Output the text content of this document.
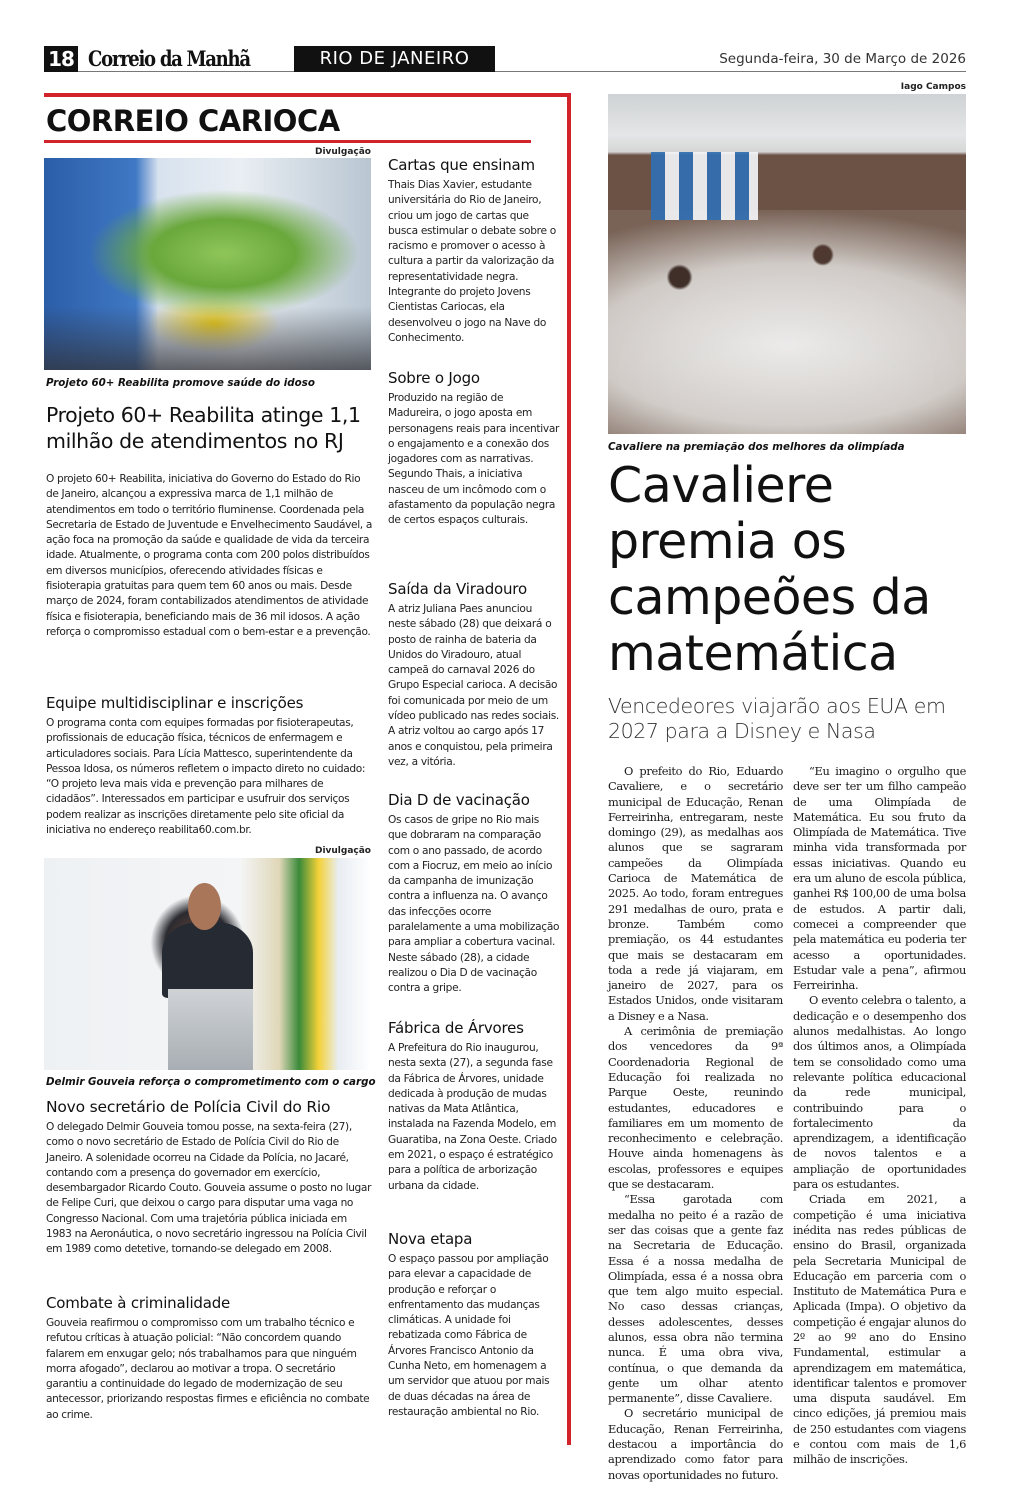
18 Correio da Manhã	RIO DE JANEIRO	Segunda-feira, 30 de Março de 2026
CORREIO CARIOCA
Divulgação
Projeto 60+ Reabilita promove saúde do idoso
Projeto 60+ Reabilita atinge 1,1 milhão de atendimentos no RJ

O projeto 60+ Reabilita, iniciativa do Governo do Estado do Rio de Janeiro, alcançou a expressiva marca de 1,1 milhão de atendimentos em todo o território fluminense. Coordenada pela Secretaria de Estado de Juventude e Envelhecimento Saudável, a ação foca na promoção da saúde e qualidade de vida da terceira idade. Atualmente, o programa conta com 200 polos distribuídos em diversos municípios, oferecendo atividades físicas e fisioterapia gratuitas para quem tem 60 anos ou mais. Desde março de 2024, foram contabilizados atendimentos de atividade física e fisioterapia, beneficiando mais de 36 mil idosos. A ação reforça o compromisso estadual com o bem-estar e a prevenção.

Equipe multidisciplinar e inscrições

O programa conta com equipes formadas por fisioterapeutas, profissionais de educação física, técnicos de enfermagem e articuladores sociais. Para Lícia Mattesco, superintendente da Pessoa Idosa, os números refletem o impacto direto no cuidado: “O projeto leva mais vida e prevenção para milhares de cidadãos”. Interessados em participar e usufruir dos serviços podem realizar as inscrições diretamente pelo site oficial da iniciativa no endereço reabilita60.com.br.

Divulgação
Delmir Gouveia reforça o comprometimento com o cargo
Novo secretário de Polícia Civil do Rio

O delegado Delmir Gouveia tomou posse, na sexta-feira (27), como o novo secretário de Estado de Polícia Civil do Rio de Janeiro. A solenidade ocorreu na Cidade da Polícia, no Jacaré, contando com a presença do governador em exercício, desembargador Ricardo Couto. Gouveia assume o posto no lugar de Felipe Curi, que deixou o cargo para disputar uma vaga no Congresso Nacional. Com uma trajetória pública iniciada em 1983 na Aeronáutica, o novo secretário ingressou na Polícia Civil em 1989 como detetive, tornando-se delegado em 2008.

Combate à criminalidade

Gouveia reafirmou o compromisso com um trabalho técnico e refutou críticas à atuação policial: “Não concordem quando falarem em enxugar gelo; nós trabalhamos para que ninguém morra afogado”, declarou ao motivar a tropa. O secretário garantiu a continuidade do legado de modernização de seu antecessor, priorizando respostas firmes e eficiência no combate ao crime.

Cartas que ensinam

Thais Dias Xavier, estudante universitária do Rio de Janeiro, criou um jogo de cartas que busca estimular o debate sobre o racismo e promover o acesso à cultura a partir da valorização da representatividade negra. Integrante do projeto Jovens Cientistas Cariocas, ela desenvolveu o jogo na Nave do Conhecimento.

Sobre o Jogo

Produzido na região de Madureira, o jogo aposta em personagens reais para incentivar o engajamento e a conexão dos jogadores com as narrativas. Segundo Thais, a iniciativa nasceu de um incômodo com o afastamento da população negra de certos espaços culturais.

Saída da Viradouro

A atriz Juliana Paes anunciou neste sábado (28) que deixará o posto de rainha de bateria da Unidos do Viradouro, atual campeã do carnaval 2026 do Grupo Especial carioca. A decisão foi comunicada por meio de um vídeo publicado nas redes sociais. A atriz voltou ao cargo após 17 anos e conquistou, pela primeira vez, a vitória.

Dia D de vacinação

Os casos de gripe no Rio mais que dobraram na comparação com o ano passado, de acordo com a Fiocruz, em meio ao início da campanha de imunização contra a influenza na. O avanço das infecções ocorre paralelamente a uma mobilização para ampliar a cobertura vacinal. Neste sábado (28), a cidade realizou o Dia D de vacinação contra a gripe.

Fábrica de Árvores

A Prefeitura do Rio inaugurou, nesta sexta (27), a segunda fase da Fábrica de Árvores, unidade dedicada à produção de mudas nativas da Mata Atlântica, instalada na Fazenda Modelo, em Guaratiba, na Zona Oeste. Criado em 2021, o espaço é estratégico para a política de arborização urbana da cidade.

Nova etapa

O espaço passou por ampliação para elevar a capacidade de produção e reforçar o enfrentamento das mudanças climáticas. A unidade foi rebatizada como Fábrica de Árvores Francisco Antonio da Cunha Neto, em homenagem a um servidor que atuou por mais de duas décadas na área de restauração ambiental no Rio.

Iago Campos
Cavaliere na premiação dos melhores da olimpíada
Cavaliere premia os campeões da matemática
Vencedeores viajarão aos EUA em 2027 para a Disney e Nasa

O prefeito do Rio, Eduardo Cavaliere, e o secretário municipal de Educação, Renan Ferreirinha, entregaram, neste domingo (29), as medalhas aos alunos que se sagraram campeões da Olimpíada Carioca de Matemática de 2025. Ao todo, foram entregues 291 medalhas de ouro, prata e bronze. Também como premiação, os 44 estudantes que mais se destacaram em toda a rede já viajaram, em janeiro de 2027, para os Estados Unidos, onde visitaram a Disney e a Nasa.

A cerimônia de premiação dos vencedores da 9ª Coordenadoria Regional de Educação foi realizada no Parque Oeste, reunindo estudantes, educadores e familiares em um momento de reconhecimento e celebração. Houve ainda homenagens às escolas, professores e equipes que se destacaram.

“Essa garotada com medalha no peito é a razão de ser das coisas que a gente faz na Secretaria de Educação. Essa é a nossa medalha de Olimpíada, essa é a nossa obra que tem algo muito especial. No caso dessas crianças, desses adolescentes, desses alunos, essa obra não termina nunca. É uma obra viva, contínua, o que demanda da gente um olhar atento permanente”, disse Cavaliere.

O secretário municipal de Educação, Renan Ferreirinha, destacou a importância do aprendizado como fator para novas oportunidades no futuro.

“Eu imagino o orgulho que deve ser ter um filho campeão de uma Olimpíada de Matemática. Eu sou fruto da Olimpíada de Matemática. Tive minha vida transformada por essas iniciativas. Quando eu era um aluno de escola pública, ganhei R$ 100,00 de uma bolsa de estudos. A partir dali, comecei a compreender que pela matemática eu poderia ter acesso a oportunidades. Estudar vale a pena”, afirmou Ferreirinha.

O evento celebra o talento, a dedicação e o desempenho dos alunos medalhistas. Ao longo dos últimos anos, a Olimpíada tem se consolidado como uma relevante política educacional da rede municipal, contribuindo para o fortalecimento da aprendizagem, a identificação de novos talentos e a ampliação de oportunidades para os estudantes.

Criada em 2021, a competição é uma iniciativa inédita nas redes públicas de ensino do Brasil, organizada pela Secretaria Municipal de Educação em parceria com o Instituto de Matemática Pura e Aplicada (Impa). O objetivo da competição é engajar alunos do 2º ao 9º ano do Ensino Fundamental, estimular a aprendizagem em matemática, identificar talentos e promover uma disputa saudável. Em cinco edições, já premiou mais de 250 estudantes com viagens e contou com mais de 1,6 milhão de inscrições.
